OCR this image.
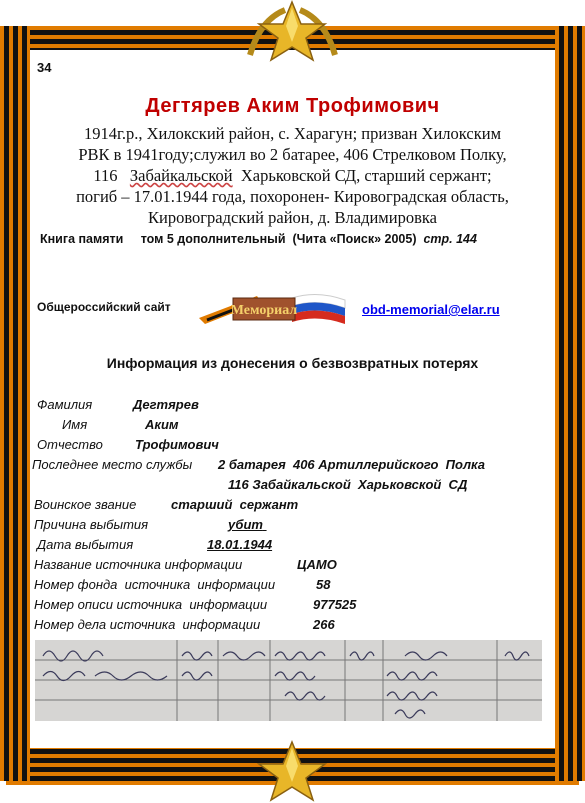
34
Дегтярев Аким Трофимович
1914г.р., Хилокский район, с. Харагун; призван Хилокским
РВК в 1941году;служил во 2 батарее, 406 Стрелковом Полку,
116   Забайкальской  Харьковской СД, старший сержант;
погиб – 17.01.1944 года, похоронен- Кировоградская область,
Кировоградский район, д. Владимировка
Книга памяти     том 5 дополнительный  (Чита «Поиск» 2005)  стр. 144
Общероссийский сайт	Мемориал	obd-memorial@elar.ru
Информация из донесения о безвозвратных потерях
Фамилия	Дегтярев
Имя	Аким
Отчество Трофимович
Последнее место службы 2 батарея  406 Артиллерийского  Полка
116 Забайкальской  Харьковской  СД
Воинское звание	старший  сержант
Причина выбытия	убит
Дата выбытия	18.01.1944
Название источника информации	ЦАМО
Номер фонда  источника  информации	58
Номер описи источника  информации	977525
Номер дела источника  информации	266
